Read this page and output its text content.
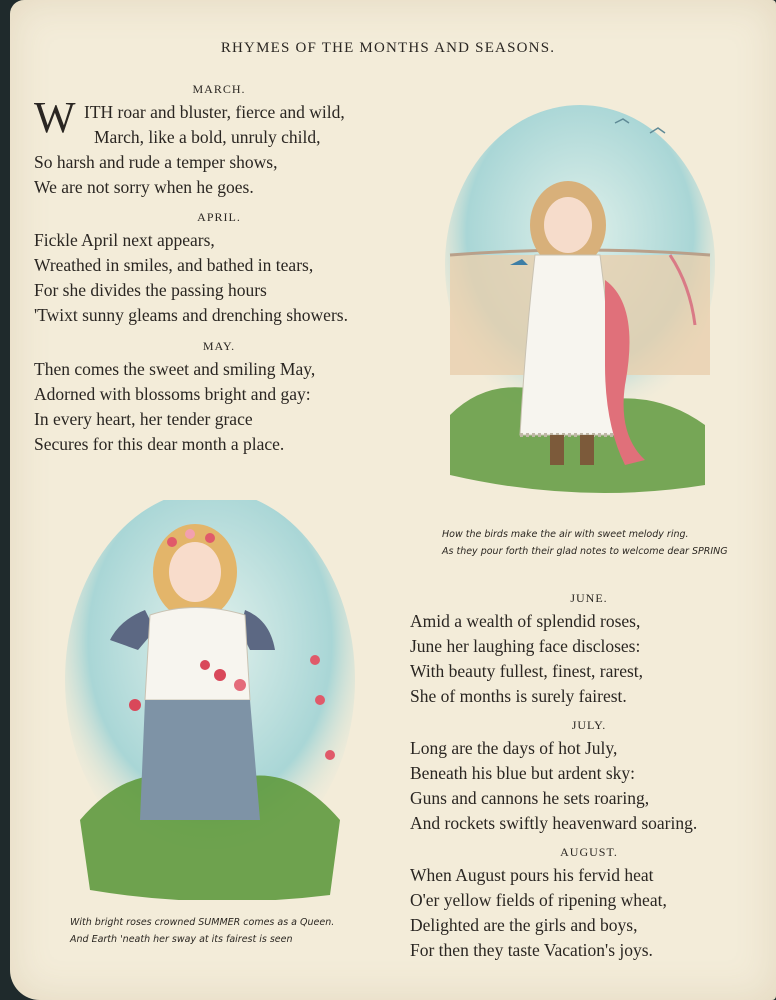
RHYMES OF THE MONTHS AND SEASONS.
MARCH.
W ITH roar and bluster, fierce and wild,
March, like a bold, unruly child,
So harsh and rude a temper shows,
We are not sorry when he goes.
APRIL.
Fickle April next appears,
Wreathed in smiles, and bathed in tears,
For she divides the passing hours
'Twixt sunny gleams and drenching showers.
MAY.
Then comes the sweet and smiling May,
Adorned with blossoms bright and gay:
In every heart, her tender grace
Secures for this dear month a place.
How the birds make the air with sweet melody ring.
As they pour forth their glad notes to welcome dear SPRING
With bright roses crowned SUMMER comes as a Queen.
And Earth 'neath her sway at its fairest is seen
JUNE.
Amid a wealth of splendid roses,
June her laughing face discloses:
With beauty fullest, finest, rarest,
She of months is surely fairest.
JULY.
Long are the days of hot July,
Beneath his blue but ardent sky:
Guns and cannons he sets roaring,
And rockets swiftly heavenward soaring.
AUGUST.
When August pours his fervid heat
O'er yellow fields of ripening wheat,
Delighted are the girls and boys,
For then they taste Vacation's joys.
